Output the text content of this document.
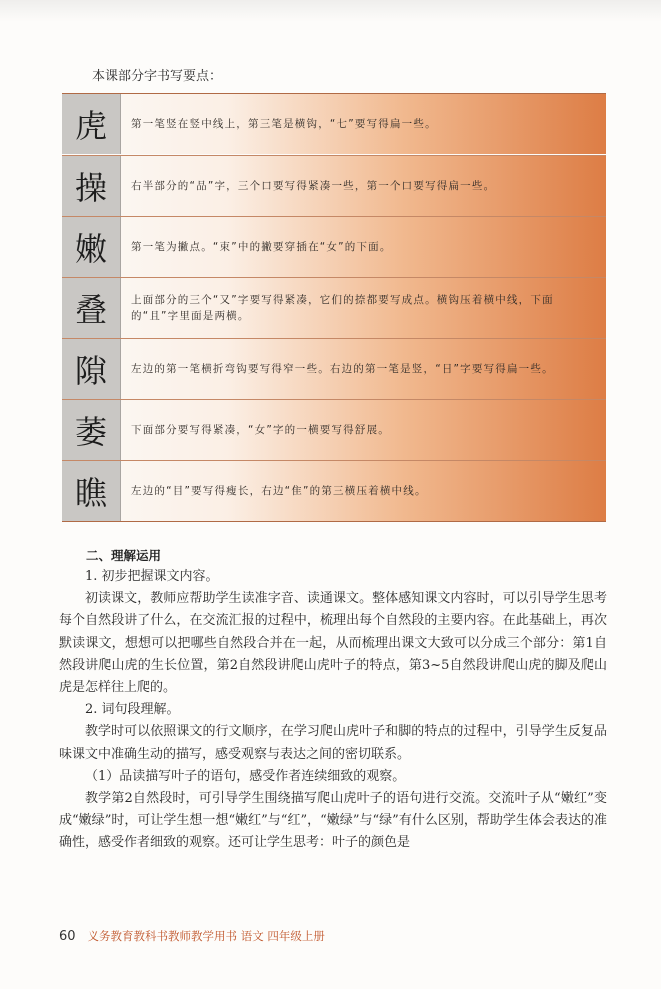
本课部分字书写要点：
虎	第一笔竖在竖中线上，第三笔是横钩，“七”要写得扁一些。
操	右半部分的“品”字，三个口要写得紧凑一些，第一个口要写得扁一些。
嫩	第一笔为撇点。“束”中的撇要穿插在“女”的下面。
叠	上面部分的三个“又”字要写得紧凑，它们的捺都要写成点。横钩压着横中线，下面的“且”字里面是两横。
隙	左边的第一笔横折弯钩要写得窄一些。右边的第一笔是竖，“日”字要写得扁一些。
萎	下面部分要写得紧凑，“女”字的一横要写得舒展。
瞧	左边的“目”要写得瘦长，右边“隹”的第三横压着横中线。
二、理解运用

1. 初步把握课文内容。

初读课文，教师应帮助学生读准字音、读通课文。整体感知课文内容时，可以引导学生思考每个自然段讲了什么，在交流汇报的过程中，梳理出每个自然段的主要内容。在此基础上，再次默读课文，想想可以把哪些自然段合并在一起，从而梳理出课文大致可以分成三个部分：第1自然段讲爬山虎的生长位置，第2自然段讲爬山虎叶子的特点，第3~5自然段讲爬山虎的脚及爬山虎是怎样往上爬的。

2. 词句段理解。

教学时可以依照课文的行文顺序，在学习爬山虎叶子和脚的特点的过程中，引导学生反复品味课文中准确生动的描写，感受观察与表达之间的密切联系。

（1）品读描写叶子的语句，感受作者连续细致的观察。

教学第2自然段时，可引导学生围绕描写爬山虎叶子的语句进行交流。交流叶子从“嫩红”变成“嫩绿”时，可让学生想一想“嫩红”与“红”，“嫩绿”与“绿”有什么区别，帮助学生体会表达的准确性，感受作者细致的观察。还可让学生思考：叶子的颜色是

60 义务教育教科书教师教学用书 语文 四年级上册
